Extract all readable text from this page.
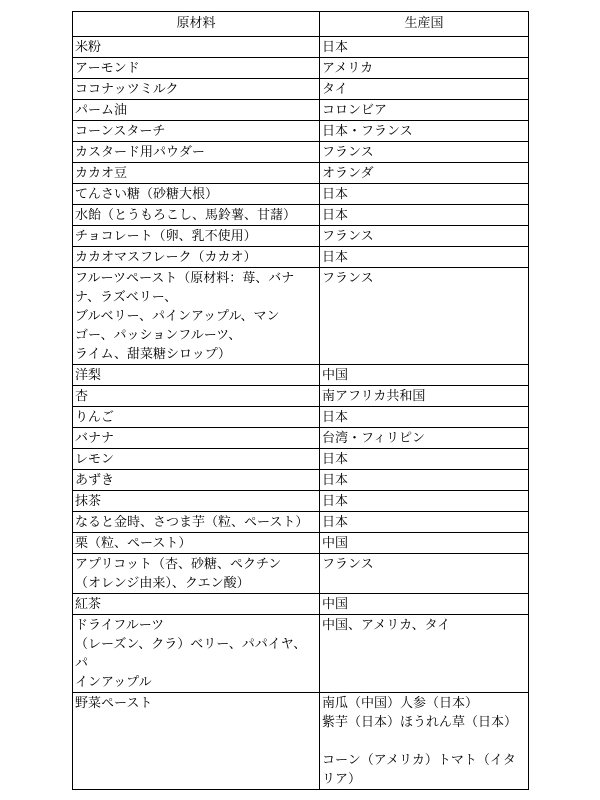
原材料	生産国
米粉	日本
アーモンド	アメリカ
ココナッツミルク	タイ
パーム油	コロンビア
コーンスターチ	日本・フランス
カスタード用パウダー	フランス
カカオ豆	オランダ
てんさい糖（砂糖大根）	日本
水飴（とうもろこし、馬鈴薯、甘藷）	日本
チョコレート（卵、乳不使用）	フランス
カカオマスフレーク（カカオ）	日本
フルーツペースト（原材料：苺、バナ
ナ、ラズベリー、
ブルベリー、パインアップル、マン
ゴー、パッションフルーツ、
ライム、甜菜糖シロップ）	フランス
洋梨	中国
杏	南アフリカ共和国
りんご	日本
バナナ	台湾・フィリピン
レモン	日本
あずき	日本
抹茶	日本
なると金時、さつま芋（粒、ペースト）	日本
栗（粒、ペースト）	中国
アプリコット（杏、砂糖、ペクチン
（オレンジ由来）、クエン酸）	フランス
紅茶	中国
ドライフルーツ
（レーズン、クラ）ベリー、パパイヤ、パ
インアップル	中国、アメリカ、タイ
野菜ペースト	南瓜（中国）人参（日本）
紫芋（日本）ほうれん草（日本）

コーン（アメリカ）トマト（イタリア）
